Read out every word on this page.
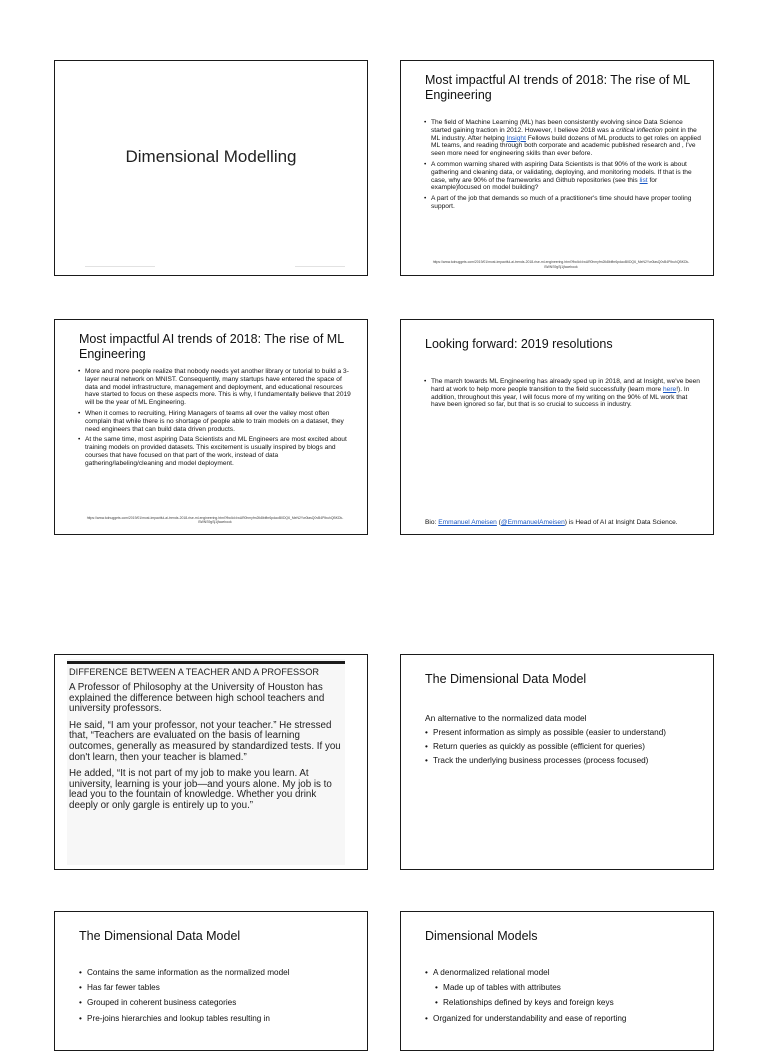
Dimensional Modelling
Most impactful AI trends of 2018: The rise of ML Engineering
• The field of Machine Learning (ML) has been consistently evolving since Data Science started gaining traction in 2012. However, I believe 2018 was a critical inflection point in the ML industry. After helping Insight Fellows build dozens of ML products to get roles on applied ML teams, and reading through both corporate and academic published research and , I've seen more need for engineering skills than ever before.
• A common warning shared with aspiring Data Scientists is that 90% of the work is about gathering and cleaning data, or validating, deploying, and monitoring models. If that is the case, why are 90% of the frameworks and Github repositories (see this list for example)focused on model building?
• A part of the job that demands so much of a practitioner's time should have proper tooling support.
https://www.kdnuggets.com/2019/01/most-impactful-ai-trends-2018-rise-ml-engineering.html?fbclid=IwAR0hmyfm2ik8bifbr6pdaoBIIDQ6_MeN2Yw0lasQ0vB4PlbuhQBKDk-BWNS9gSj1jfacebook
Most impactful AI trends of 2018: The rise of ML Engineering
• More and more people realize that nobody needs yet another library or tutorial to build a 3-layer neural network on MNIST. Consequently, many startups have entered the space of data and model infrastructure, management and deployment, and educational resources have started to focus on these aspects more. This is why, I fundamentally believe that 2019 will be the year of ML Engineering.
• When it comes to recruiting, Hiring Managers of teams all over the valley most often complain that while there is no shortage of people able to train models on a dataset, they need engineers that can build data driven products.
• At the same time, most aspiring Data Scientists and ML Engineers are most excited about training models on provided datasets. This excitement is usually inspired by blogs and courses that have focused on that part of the work, instead of data gathering/labeling/cleaning and model deployment.
https://www.kdnuggets.com/2019/01/most-impactful-ai-trends-2018-rise-ml-engineering.html?fbclid=IwAR0hmyfm2ik8bifbr6pdaoBIIDQ6_MeN2Yw0lasQ0vB4PlbuhQBKDk-BWNS9gSj1jfacebook
Looking forward: 2019 resolutions
• The march towards ML Engineering has already sped up in 2018, and at Insight, we've been hard at work to help more people transition to the field successfully (learn more here!). In addition, throughout this year, I will focus more of my writing on the 90% of ML work that have been ignored so far, but that is so crucial to success in industry.
Bio: Emmanuel Ameisen (@EmmanuelAmeisen) is Head of AI at Insight Data Science.
DIFFERENCE BETWEEN A TEACHER AND A PROFESSOR

A Professor of Philosophy at the University of Houston has explained the difference between high school teachers and university professors.

He said, “I am your professor, not your teacher.” He stressed that, “Teachers are evaluated on the basis of learning outcomes, generally as measured by standardized tests. If you don't learn, then your teacher is blamed.”

He added, “It is not part of my job to make you learn. At university, learning is your job—and yours alone. My job is to lead you to the fountain of knowledge. Whether you drink deeply or only gargle is entirely up to you.”

The Dimensional Data Model
An alternative to the normalized data model
• Present information as simply as possible (easier to understand)
• Return queries as quickly as possible (efficient for queries)
• Track the underlying business processes (process focused)
The Dimensional Data Model
• Contains the same information as the normalized model
• Has far fewer tables
• Grouped in coherent business categories
• Pre-joins hierarchies and lookup tables resulting in
Dimensional Models
• A denormalized relational model
• Made up of tables with attributes
• Relationships defined by keys and foreign keys
• Organized for understandability and ease of reporting
